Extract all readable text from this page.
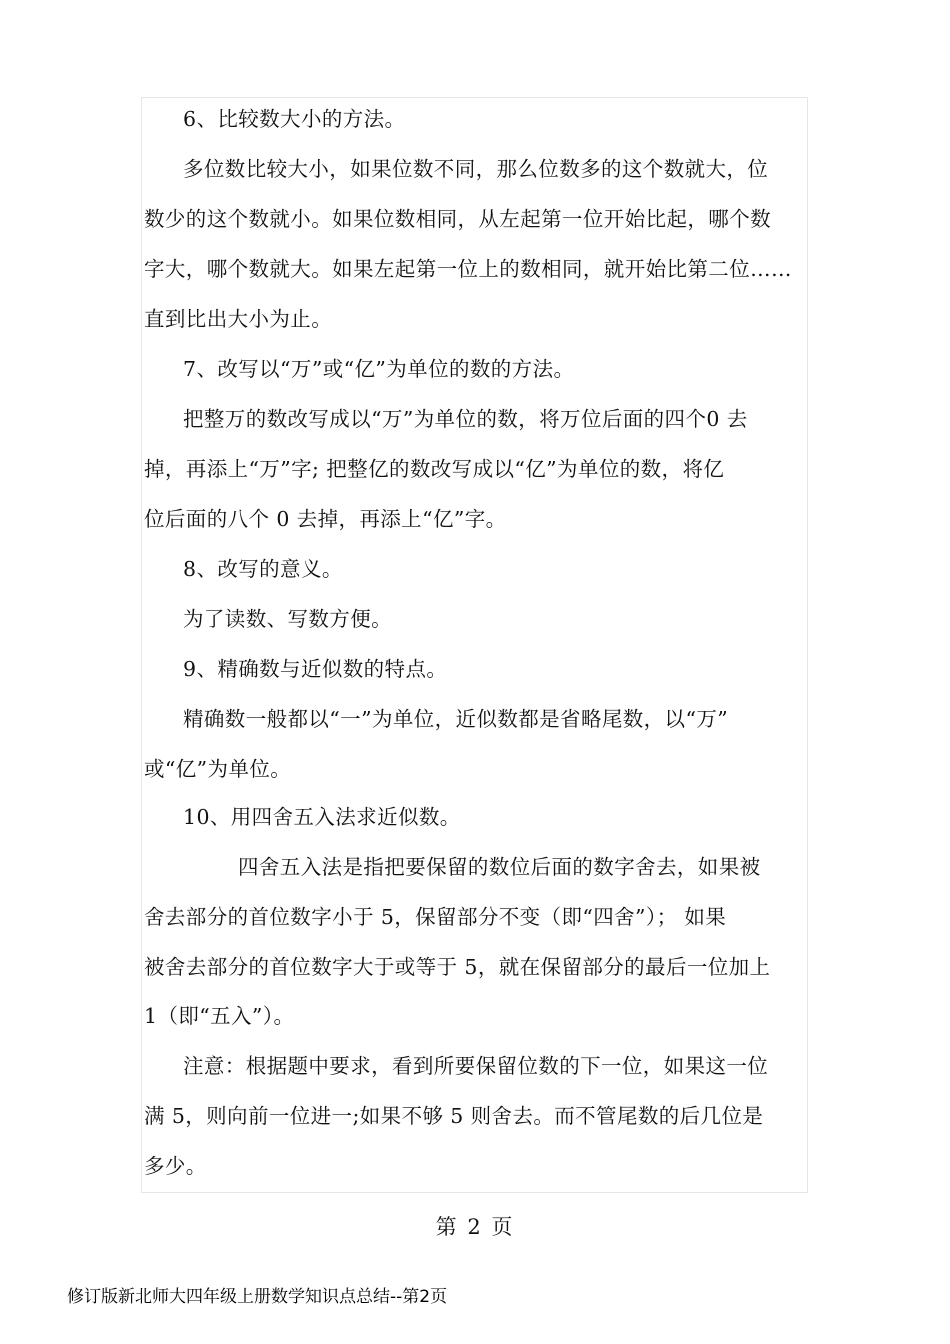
6、比较数大小的方法。
多位数比较大小，如果位数不同，那么位数多的这个数就大，位
数少的这个数就小。如果位数相同，从左起第一位开始比起，哪个数
字大，哪个数就大。如果左起第一位上的数相同，就开始比第二位……
直到比出大小为止。
7、改写以“万”或“亿”为单位的数的方法。
把整万的数改写成以“万”为单位的数，将万位后面的四个0 去
掉，再添上“万”字; 把整亿的数改写成以“亿”为单位的数，将亿
位后面的八个 0 去掉，再添上“亿”字。
8、改写的意义。
为了读数、写数方便。
9、精确数与近似数的特点。
精确数一般都以“一”为单位，近似数都是省略尾数，以“万”
或“亿”为单位。
10、用四舍五入法求近似数。
四舍五入法是指把要保留的数位后面的数字舍去，如果被
舍去部分的首位数字小于 5，保留部分不变（即“四舍”）； 如果
被舍去部分的首位数字大于或等于 5，就在保留部分的最后一位加上
1（即“五入”）。
注意：根据题中要求，看到所要保留位数的下一位，如果这一位
满 5，则向前一位进一;如果不够 5 则舍去。而不管尾数的后几位是
多少。
第 2 页
修订版新北师大四年级上册数学知识点总结--第2页
